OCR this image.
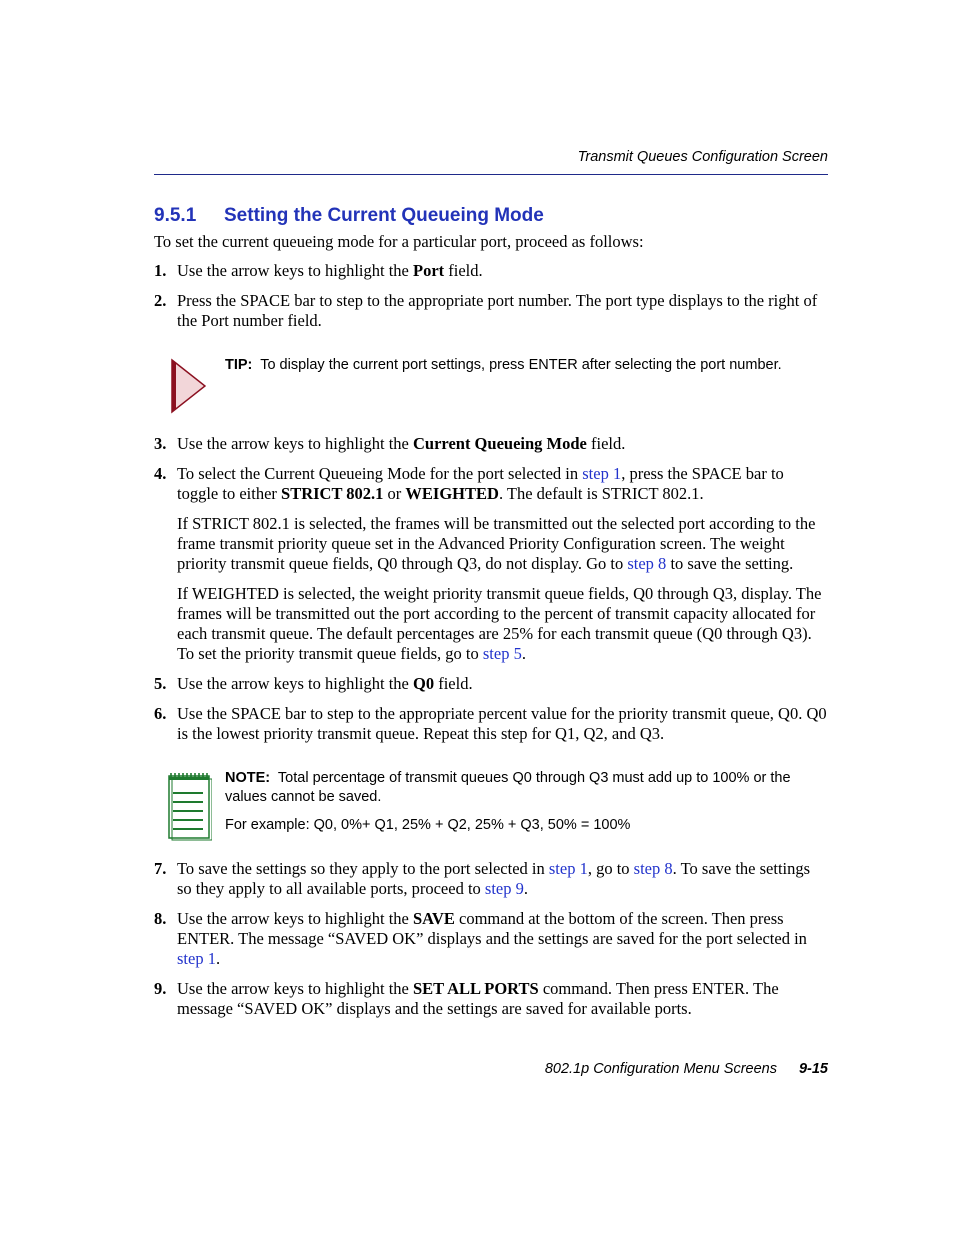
Transmit Queues Configuration Screen
9.5.1 Setting the Current Queueing Mode
To set the current queueing mode for a particular port, proceed as follows:
1. Use the arrow keys to highlight the Port field.
2. Press the SPACE bar to step to the appropriate port number. The port type displays to the right of the Port number field.
TIP: To display the current port settings, press ENTER after selecting the port number.
3. Use the arrow keys to highlight the Current Queueing Mode field.
4. To select the Current Queueing Mode for the port selected in step 1, press the SPACE bar to toggle to either STRICT 802.1 or WEIGHTED. The default is STRICT 802.1.
If STRICT 802.1 is selected, the frames will be transmitted out the selected port according to the frame transmit priority queue set in the Advanced Priority Configuration screen. The weight priority transmit queue fields, Q0 through Q3, do not display. Go to step 8 to save the setting.
If WEIGHTED is selected, the weight priority transmit queue fields, Q0 through Q3, display. The frames will be transmitted out the port according to the percent of transmit capacity allocated for each transmit queue. The default percentages are 25% for each transmit queue (Q0 through Q3). To set the priority transmit queue fields, go to step 5.
5. Use the arrow keys to highlight the Q0 field.
6. Use the SPACE bar to step to the appropriate percent value for the priority transmit queue, Q0. Q0 is the lowest priority transmit queue. Repeat this step for Q1, Q2, and Q3.
NOTE: Total percentage of transmit queues Q0 through Q3 must add up to 100% or the values cannot be saved.
For example: Q0, 0%+ Q1, 25% + Q2, 25% + Q3, 50% = 100%
7. To save the settings so they apply to the port selected in step 1, go to step 8. To save the settings so they apply to all available ports, proceed to step 9.
8. Use the arrow keys to highlight the SAVE command at the bottom of the screen. Then press ENTER. The message “SAVED OK” displays and the settings are saved for the port selected in step 1.
9. Use the arrow keys to highlight the SET ALL PORTS command. Then press ENTER. The message “SAVED OK” displays and the settings are saved for available ports.
802.1p Configuration Menu Screens 9-15
